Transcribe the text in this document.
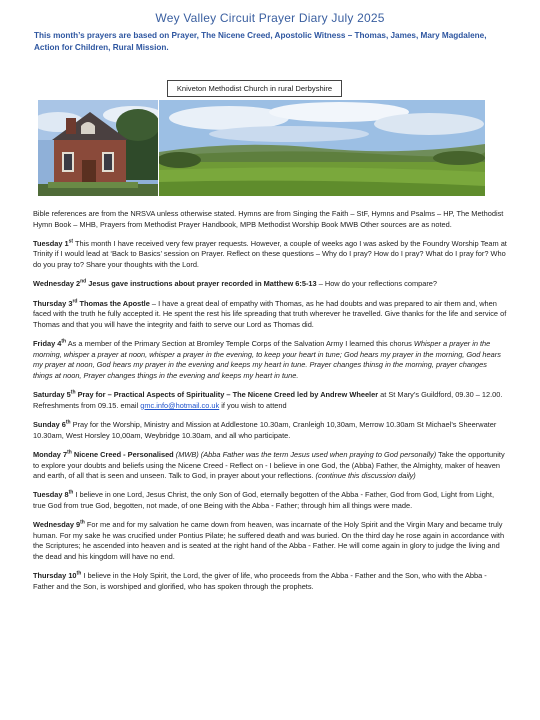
Wey Valley Circuit Prayer Diary July 2025
This month’s prayers are based on Prayer, The Nicene Creed, Apostolic Witness – Thomas, James, Mary Magdalene, Action for Children, Rural Mission.
Kniveton Methodist Church in rural Derbyshire

Bible references are from the NRSVA unless otherwise stated. Hymns are from Singing the Faith – StF, Hymns and Psalms – HP, The Methodist Hymn Book – MHB, Prayers from Methodist Prayer Handbook, MPB Methodist Worship Book MWB Other sources are as noted.

Tuesday 1st This month I have received very few prayer requests. However, a couple of weeks ago I was asked by the Foundry Worship Team at Trinity if I would lead at ‘Back to Basics’ session on Prayer. Reflect on these questions – Why do I pray? How do I pray? What do I pray for? Who do you pray to? Share your thoughts with the Lord.

Wednesday 2nd Jesus gave instructions about prayer recorded in Matthew 6:5-13 – How do your reflections compare?

Thursday 3rd Thomas the Apostle – I have a great deal of empathy with Thomas, as he had doubts and was prepared to air them and, when faced with the truth he fully accepted it. He spent the rest his life spreading that truth wherever he travelled. Give thanks for the life and service of Thomas and that you will have the integrity and faith to serve our Lord as Thomas did.

Friday 4th As a member of the Primary Section at Bromley Temple Corps of the Salvation Army I learned this chorus Whisper a prayer in the morning, whisper a prayer at noon, whisper a prayer in the evening, to keep your heart in tune; God hears my prayer in the morning, God hears my prayer at noon, God hears my prayer in the evening and keeps my heart in tune. Prayer changes thinsg in the morning, prayer changes things at noon, Prayer changes things in the evening and keeps my heart in tune.

Saturday 5th Pray for – Practical Aspects of Spirituality – The Nicene Creed led by Andrew Wheeler at St Mary’s Guildford, 09.30 – 12.00. Refreshments from 09.15. email gmc.info@hotmail.co.uk if you wish to attend

Sunday 6th Pray for the Worship, Ministry and Mission at Addlestone 10.30am, Cranleigh 10,30am, Merrow 10.30am St Michael’s Sheerwater 10.30am, West Horsley 10,00am, Weybridge 10.30am, and all who participate.

Monday 7th Nicene Creed - Personalised (MWB) (Abba Father was the term Jesus used when praying to God personally) Take the opportunity to explore your doubts and beliefs using the Nicene Creed - Reflect on - I believe in one God, the (Abba) Father, the Almighty, maker of heaven and earth, of all that is seen and unseen. Talk to God, in prayer about your reflections. (continue this discussion daily)

Tuesday 8th I believe in one Lord, Jesus Christ, the only Son of God, eternally begotten of the Abba - Father, God from God, Light from Light, true God from true God, begotten, not made, of one Being with the Abba - Father; through him all things were made.

Wednesday 9th For me and for my salvation he came down from heaven, was incarnate of the Holy Spirit and the Virgin Mary and became truly human. For my sake he was crucified under Pontius Pilate; he suffered death and was buried. On the third day he rose again in accordance with the Scriptures; he ascended into heaven and is seated at the right hand of the Abba - Father. He will come again in glory to judge the living and the dead and his kingdom will have no end.

Thursday 10th I believe in the Holy Spirit, the Lord, the giver of life, who proceeds from the Abba - Father and the Son, who with the Abba - Father and the Son, is worshiped and glorified, who has spoken through the prophets.
